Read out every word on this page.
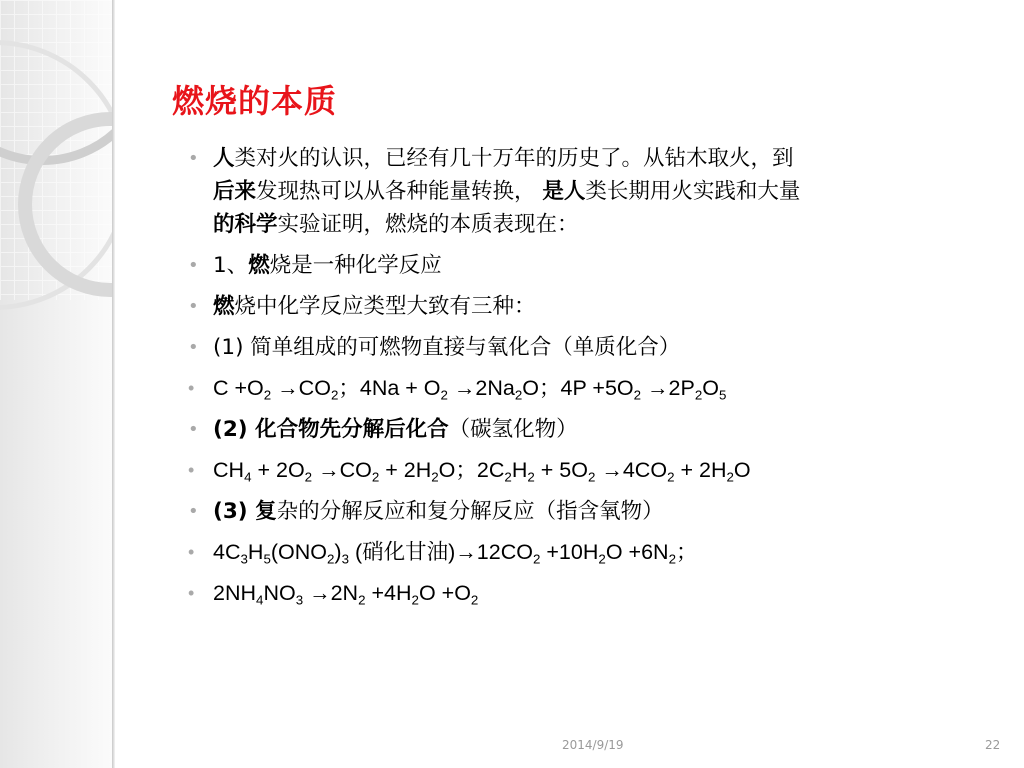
燃烧的本质
• 人类对火的认识，已经有几十万年的历史了。从钻木取火，到
后来发现热可以从各种能量转换， 是人类长期用火实践和大量
的科学实验证明，燃烧的本质表现在：
• 1、燃烧是一种化学反应
• 燃烧中化学反应类型大致有三种：
• (1) 简单组成的可燃物直接与氧化合（单质化合）
• $C +O_2 \to CO_2$；$4Na + O_2 \to 2Na_2O$；$4P +5O_2 \to 2P_2O_5$
• (2) 化合物先分解后化合（碳氢化物）
• $CH_4 + 2O_2 \to CO_2 + 2H_2O$；$2C_2H_2 + 5O_2 \to 4CO_2 + 2H_2O$
• (3) 复杂的分解反应和复分解反应（指含氧物）
• $4C_3H_5(ONO_2)_3$ (硝化甘油)$\to 12CO_2 +10H_2O +6N_2$；
• $2NH_4NO_3 \to 2N_2 +4H_2O +O_2$
2014/9/19	22
